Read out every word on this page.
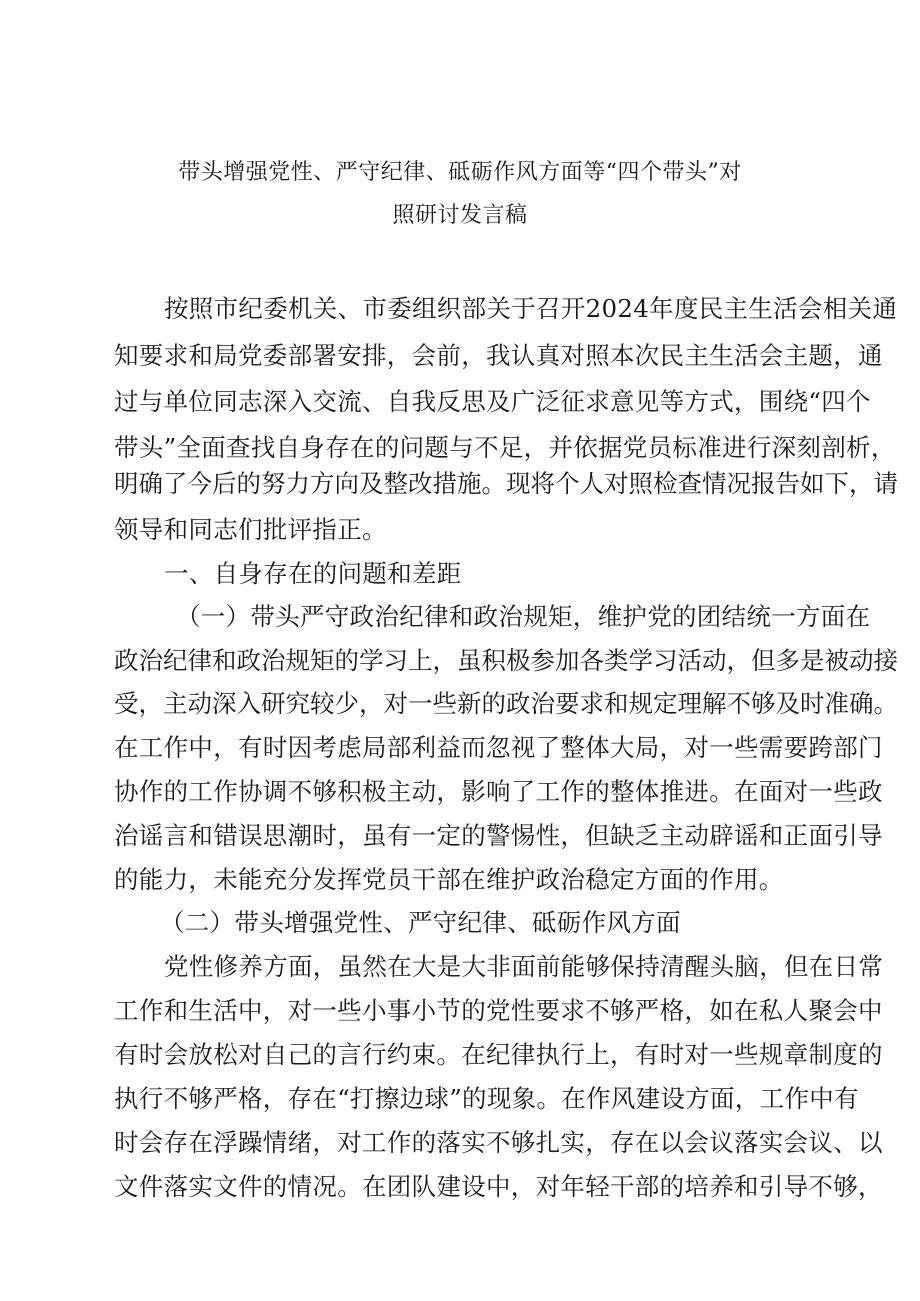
带头增强党性、严守纪律、砥砺作风方面等“四个带头”对
照研讨发言稿
按照市纪委机关、市委组织部关于召开2024年度民主生活会相关通
知要求和局党委部署安排，会前，我认真对照本次民主生活会主题，通
过与单位同志深入交流、自我反思及广泛征求意见等方式，围绕“四个
带头”全面查找自身存在的问题与不足，并依据党员标准进行深刻剖析，
明确了今后的努力方向及整改措施。现将个人对照检查情况报告如下，请
领导和同志们批评指正。
一、自身存在的问题和差距
（一）带头严守政治纪律和政治规矩，维护党的团结统一方面在
政治纪律和政治规矩的学习上，虽积极参加各类学习活动，但多是被动接
受，主动深入研究较少，对一些新的政治要求和规定理解不够及时准确。
在工作中，有时因考虑局部利益而忽视了整体大局，对一些需要跨部门
协作的工作协调不够积极主动，影响了工作的整体推进。在面对一些政
治谣言和错误思潮时，虽有一定的警惕性，但缺乏主动辟谣和正面引导
的能力，未能充分发挥党员干部在维护政治稳定方面的作用。
（二）带头增强党性、严守纪律、砥砺作风方面
党性修养方面，虽然在大是大非面前能够保持清醒头脑，但在日常
工作和生活中，对一些小事小节的党性要求不够严格，如在私人聚会中
有时会放松对自己的言行约束。在纪律执行上，有时对一些规章制度的
执行不够严格，存在“打擦边球”的现象。在作风建设方面，工作中有
时会存在浮躁情绪，对工作的落实不够扎实，存在以会议落实会议、以
文件落实文件的情况。在团队建设中，对年轻干部的培养和引导不够，
